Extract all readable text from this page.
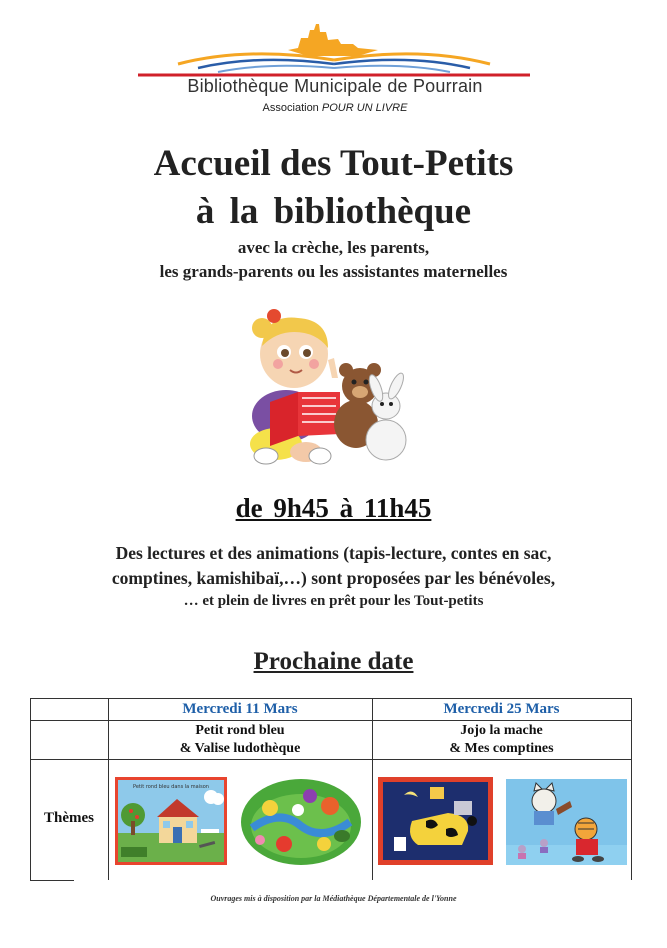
Bibliothèque Municipale de Pourrain
Association POUR UN LIVRE
Accueil des Tout-Petits
à la bibliothèque
avec la crèche, les parents,
les grands-parents ou les assistantes maternelles
de 9h45 à 11h45
Des lectures et des animations (tapis-lecture, contes en sac,
comptines, kamishibaï,…) sont proposées par les bénévoles,
… et plein de livres en prêt pour les Tout-petits
Prochaine date
Mercredi 11 Mars	Mercredi 25 Mars
Petit rond bleu
& Valise ludothèque
Jojo la mache
& Mes comptines
Thèmes
Petit rond bleu dans la maison
Ouvrages mis à disposition par la Médiathèque Départementale de l'Yonne
